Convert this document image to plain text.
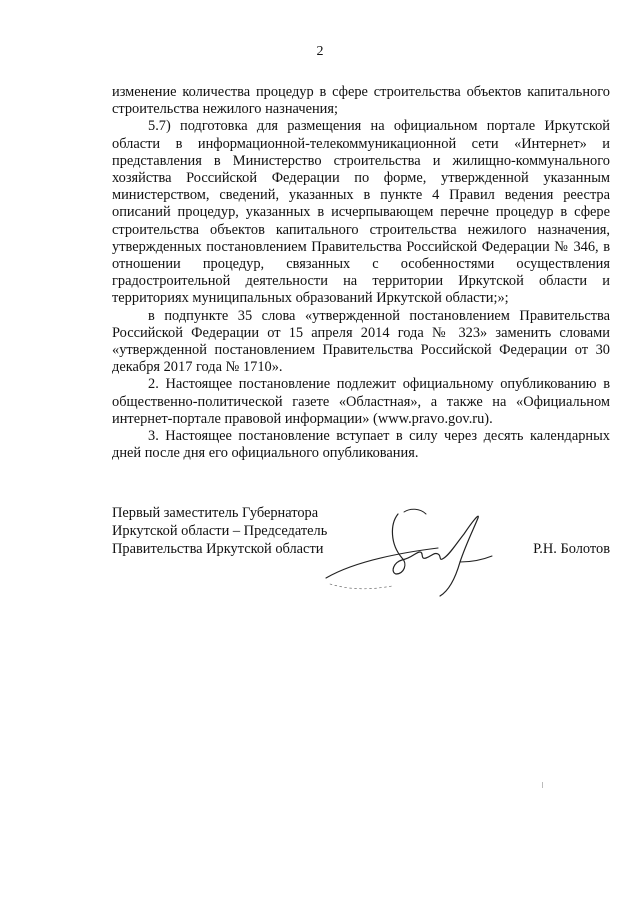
2

изменение количества процедур в сфере строительства объектов капитального строительства нежилого назначения;

5.7) подготовка для размещения на официальном портале Иркутской области в информационной-телекоммуникационной сети «Интернет» и представления в Министерство строительства и жилищно-коммунального хозяйства Российской Федерации по форме, утвержденной указанным министерством, сведений, указанных в пункте 4 Правил ведения реестра описаний процедур, указанных в исчерпывающем перечне процедур в сфере строительства объектов капитального строительства нежилого назначения, утвержденных постановлением Правительства Российской Федерации № 346, в отношении процедур, связанных с особенностями осуществления градостроительной деятельности на территории Иркутской области и территориях муниципальных образований Иркутской области;»;

в подпункте 35 слова «утвержденной постановлением Правительства Российской Федерации от 15 апреля 2014 года № 323» заменить словами «утвержденной постановлением Правительства Российской Федерации от 30 декабря 2017 года № 1710».

2. Настоящее постановление подлежит официальному опубликованию в общественно-политической газете «Областная», а также на «Официальном интернет-портале правовой информации» (www.pravo.gov.ru).

3. Настоящее постановление вступает в силу через десять календарных дней после дня его официального опубликования.

Первый заместитель Губернатора

Иркутской области – Председатель

Правительства Иркутской области	Р.Н. Болотов
